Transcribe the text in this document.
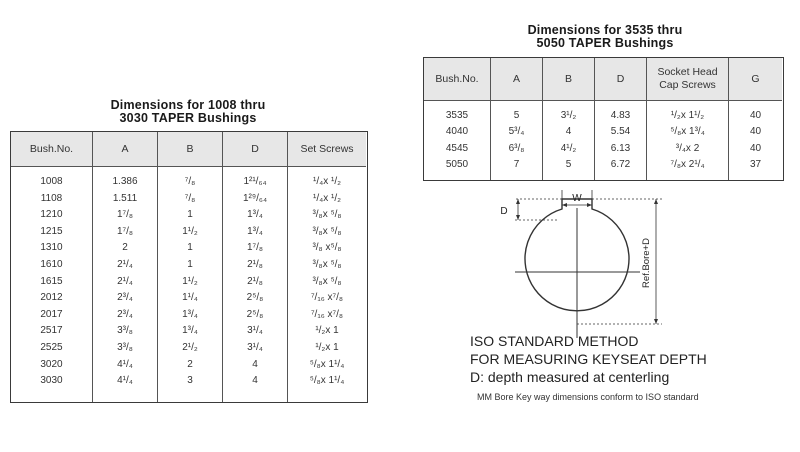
Dimensions for 1008 thru
3030 TAPER Bushings
Bush.No.
1008
1108
1210
1215
1310
1610
1615
2012
2017
2517
2525
3020
3030
A
1.386
1.511
1⁷/₈
1⁷/₈
2
2¹/₄
2¹/₄
2³/₄
2³/₄
3³/₈
3³/₈
4¹/₄
4¹/₄
B
⁷/₈
⁷/₈
1
1¹/₂
1
1
1¹/₂
1¹/₄
1³/₄
1³/₄
2¹/₂
2
3
D
1²¹/₆₄
1²⁹/₆₄
1³/₄
1³/₄
1⁷/₈
2¹/₈
2¹/₈
2⁵/₈
2⁵/₈
3¹/₄
3¹/₄
4
4
Set Screws
¹/₄x ¹/₂
¹/₄x ¹/₂
³/₈x ⁵/₈
³/₈x ⁵/₈
³/₈ x⁵/₈
³/₈x ⁵/₈
³/₈x ⁵/₈
⁷/₁₆ x⁷/₈
⁷/₁₆ x⁷/₈
¹/₂x 1
¹/₂x 1
⁵/₈x 1¹/₄
⁵/₈x 1¹/₄
Dimensions for 3535 thru
5050 TAPER Bushings
Bush.No.
3535
4040
4545
5050
A
5
5³/₄
6³/₈
7
B
3¹/₂
4
4¹/₂
5
D
4.83
5.54
6.13
6.72
Socket Head Cap Screws
¹/₂x 1¹/₂
⁵/₈x 1³/₄
³/₄x 2
⁷/₈x 2¹/₄
G
40
40
40
37
W
D
Ref.Bore+D
ISO STANDARD METHOD
FOR MEASURING KEYSEAT DEPTH
D: depth measured at centerling
MM Bore Key way dimensions conform to ISO standard
